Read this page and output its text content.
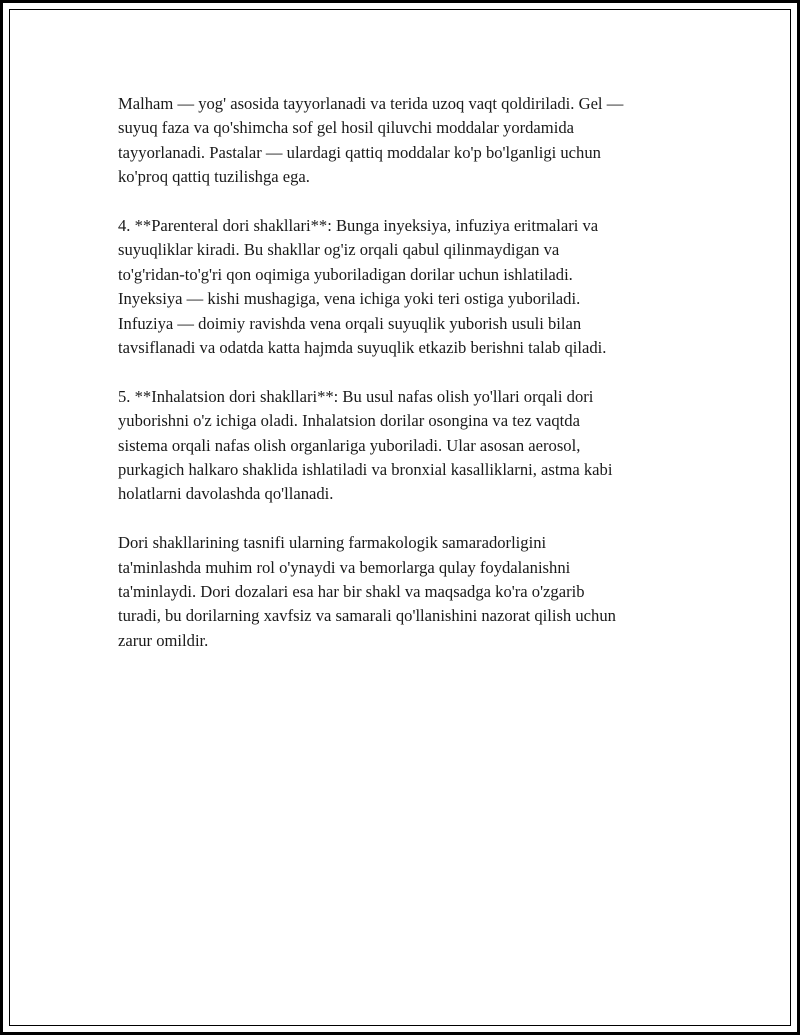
Malham — yog' asosida tayyorlanadi va terida uzoq vaqt qoldiriladi. Gel —
suyuq faza va qo'shimcha sof gel hosil qiluvchi moddalar yordamida
tayyorlanadi. Pastalar — ulardagi qattiq moddalar ko'p bo'lganligi uchun
ko'proq qattiq tuzilishga ega.

4. **Parenteral dori shakllari**: Bunga inyeksiya, infuziya eritmalari va
suyuqliklar kiradi. Bu shakllar og'iz orqali qabul qilinmaydigan va
to'g'ridan-to'g'ri qon oqimiga yuboriladigan dorilar uchun ishlatiladi.
Inyeksiya — kishi mushagiga, vena ichiga yoki teri ostiga yuboriladi.
Infuziya — doimiy ravishda vena orqali suyuqlik yuborish usuli bilan
tavsiflanadi va odatda katta hajmda suyuqlik etkazib berishni talab qiladi.

5. **Inhalatsion dori shakllari**: Bu usul nafas olish yo'llari orqali dori
yuborishni o'z ichiga oladi. Inhalatsion dorilar osongina va tez vaqtda
sistema orqali nafas olish organlariga yuboriladi. Ular asosan aerosol,
purkagich halkaro shaklida ishlatiladi va bronxial kasalliklarni, astma kabi
holatlarni davolashda qo'llanadi.

Dori shakllarining tasnifi ularning farmakologik samaradorligini
ta'minlashda muhim rol o'ynaydi va bemorlarga qulay foydalanishni
ta'minlaydi. Dori dozalari esa har bir shakl va maqsadga ko'ra o'zgarib
turadi, bu dorilarning xavfsiz va samarali qo'llanishini nazorat qilish uchun
zarur omildir.
